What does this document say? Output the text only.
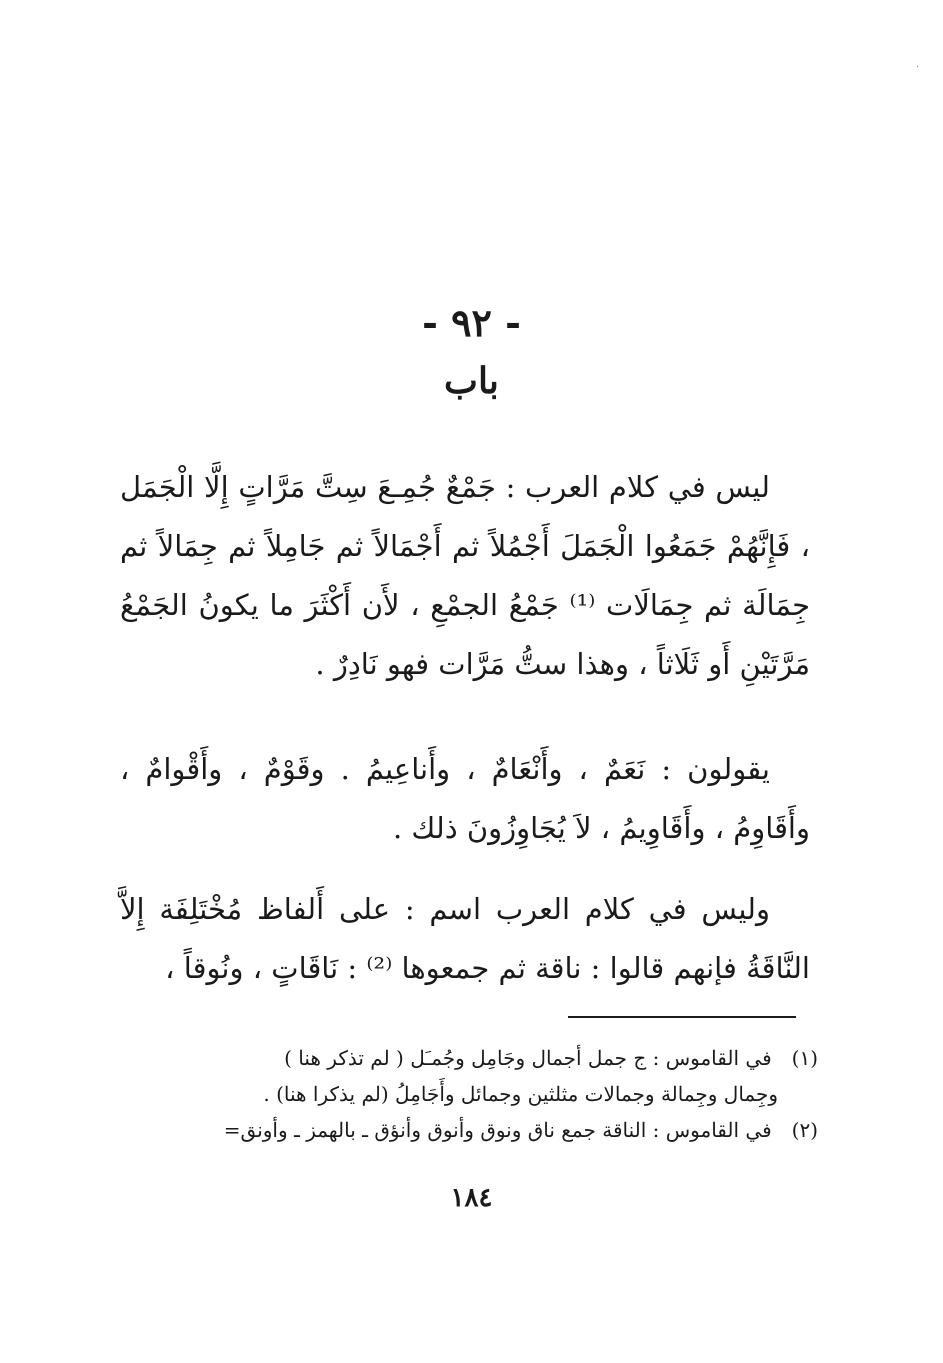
·
- ٩٢ -
باب

ليس في كلام العرب : جَمْعٌ جُمِـعَ سِتَّ مَرَّاتٍ إِلَّا الْجَمَل ، فَإِنَّهُمْ جَمَعُوا الْجَمَلَ أَجْمُلاً ثم أَجْمَالاً ثم جَامِلاً ثم جِمَالاً ثم جِمَالَة ثم جِمَالَات ⁽¹⁾ جَمْعُ الجمْعِ ، لأَن أَكْثَرَ ما يكونُ الجَمْعُ مَرَّتَيْنِ أَو ثَلَاثاً ، وهذا ستُّ مَرَّات فهو نَادِرٌ .

يقولون : نَعَمٌ ، وأَنْعَامٌ ، وأَناعِيمُ . وقَوْمٌ ، وأَقْوامٌ ، وأَقَاوِمُ ، وأَقَاوِيمُ ، لاَ يُجَاوِزُونَ ذلك .

وليس في كلام العرب اسم : على أَلفاظ مُخْتَلِفَة إِلاَّ النَّاقَةُ فإنهم قالوا : ناقة ثم جمعوها ⁽²⁾ : نَاقَاتٍ ، ونُوقاً ،

(١) في القاموس : ج جمل أجمال وجَامِل وجُمـَل ( لم تذكر هنا )
وجِمال وجِمالة وجمالات مثلثين وجمائل وأَجَامِلُ (لم يذكرا هنا) .
(٢) في القاموس : الناقة جمع ناق ونوق وأنوق وأنؤق ـ بالهمز ـ وأونق=
١٨٤
